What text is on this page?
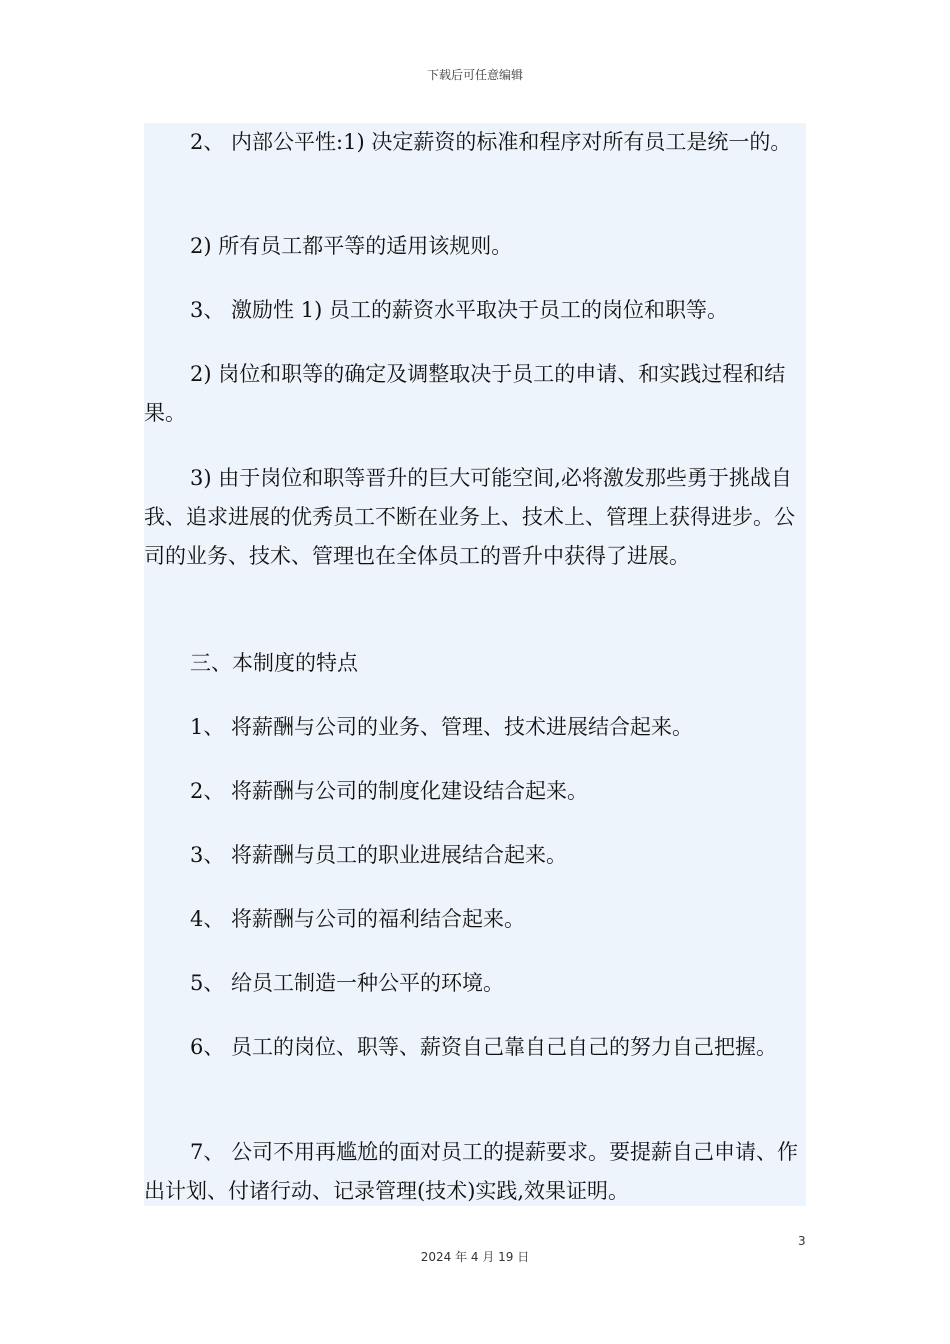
下载后可任意编辑

2、 内部公平性:1) 决定薪资的标准和程序对所有员工是统一的。

2) 所有员工都平等的适用该规则。

3、 激励性 1) 员工的薪资水平取决于员工的岗位和职等。

2) 岗位和职等的确定及调整取决于员工的申请、和实践过程和结果。

3) 由于岗位和职等晋升的巨大可能空间,必将激发那些勇于挑战自我、追求进展的优秀员工不断在业务上、技术上、管理上获得进步。公司的业务、技术、管理也在全体员工的晋升中获得了进展。

三、本制度的特点

1、 将薪酬与公司的业务、管理、技术进展结合起来。

2、 将薪酬与公司的制度化建设结合起来。

3、 将薪酬与员工的职业进展结合起来。

4、 将薪酬与公司的福利结合起来。

5、 给员工制造一种公平的环境。

6、 员工的岗位、职等、薪资自己靠自己自己的努力自己把握。

7、 公司不用再尴尬的面对员工的提薪要求。要提薪自己申请、作出计划、付诸行动、记录管理(技术)实践,效果证明。

3
2024 年 4 月 19 日
